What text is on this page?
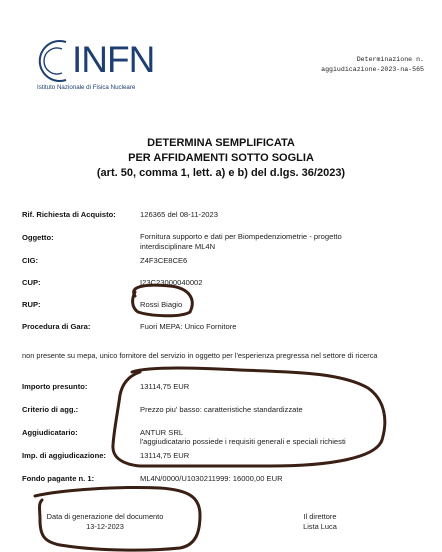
INFN
Istituto Nazionale di Fisica Nucleare
Determinazione n.
aggiudicazione-2023-na-565
DETERMINA SEMPLIFICATA
PER AFFIDAMENTI SOTTO SOGLIA
(art. 50, comma 1, lett. a) e b) del d.lgs. 36/2023)
Rif. Richiesta di Acquisto:	126365 del 08-11-2023
Oggetto:	Fornitura supporto e dati per Biompedenziometrie - progetto interdisciplinare ML4N
CIG:	Z4F3CE8CE6
CUP:	I23C23000040002
RUP:	Rossi Biagio
Procedura di Gara:	Fuori MEPA: Unico Fornitore
non presente su mepa, unico fornitore del servizio in oggetto per l'esperienza pregressa nel settore di ricerca
Importo presunto:	13114,75 EUR
Criterio di agg.:	Prezzo piu' basso: caratteristiche standardizzate
Aggiudicatario:	ANTUR SRL
l'aggiudicatario possiede i requisiti generali e speciali richiesti
Imp. di aggiudicazione:	13114,75 EUR
Fondo pagante n. 1:	ML4N/0000/U1030211999: 16000,00 EUR
Data di generazione del documento
13-12-2023
Il direttore
Lista Luca
